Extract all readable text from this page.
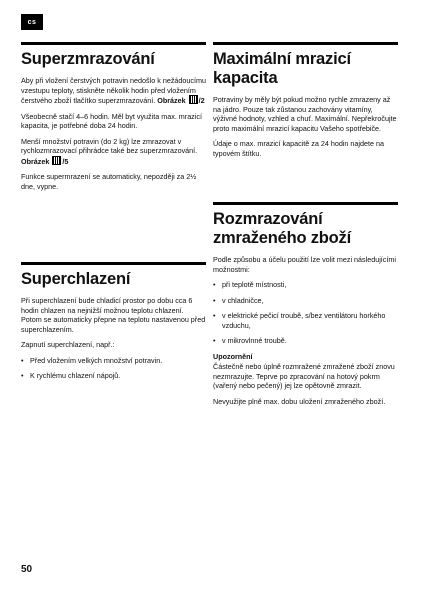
cs
Superzmrazování

Aby při vložení čerstvých potravin nedošlo k nežádoucímu vzestupu teploty, stiskněte několik hodin před vložením čerstvého zboží tlačítko superzmrazování. Obrázek /2

Všeobecně stačí 4–6 hodin. Měl byt využita max. mrazicí kapacita, je potřebné doba 24 hodin.

Menší množství potravin (do 2 kg) lze zmrazovat v rychlozmrazovací přihrádce také bez superzmrazování. Obrázek /5

Funkce supermrazení se automaticky, nepozději za 2½ dne, vypne.

Superchlazení

Při superchlazení bude chladicí prostor po dobu cca 6 hodin chlazen na nejnižší možnou teplotu chlazení. Potom se automaticky přepne na teplotu nastavenou před superchlazením.

Zapnutí superchlazení, např.:

• Před vložením velkých množství potravin.
• K rychlému chlazení nápojů.
Maximální mrazicí kapacita

Potraviny by měly být pokud možno rychle zmrazeny až na jádro. Pouze tak zůstanou zachovány vitamíny, výživné hodnoty, vzhled a chuť. Maximální. Nepřekročujte proto maximální mrazicí kapacitu Vašeho spotřebiče.

Údaje o max. mrazicí kapacitě za 24 hodin najdete na typovém štítku.

Rozmrazování zmraženého zboží

Podle způsobu a účelu použití lze volit mezi následujícími možnostmi:

• při teplotě místnosti,
• v chladničce,
• v elektrické pečicí troubě, s/bez ventilátoru horkého vzduchu,
• v mikrovlnné troubě.
Upozornění

Částečně nebo úplně rozmražené zmražené zboží znovu nezmrazujte. Teprve po zpracování na hotový pokrm (vařený nebo pečený) jej lze opětovně zmrazit.

Nevyužijte plně max. dobu uložení zmraženého zboží.

50
